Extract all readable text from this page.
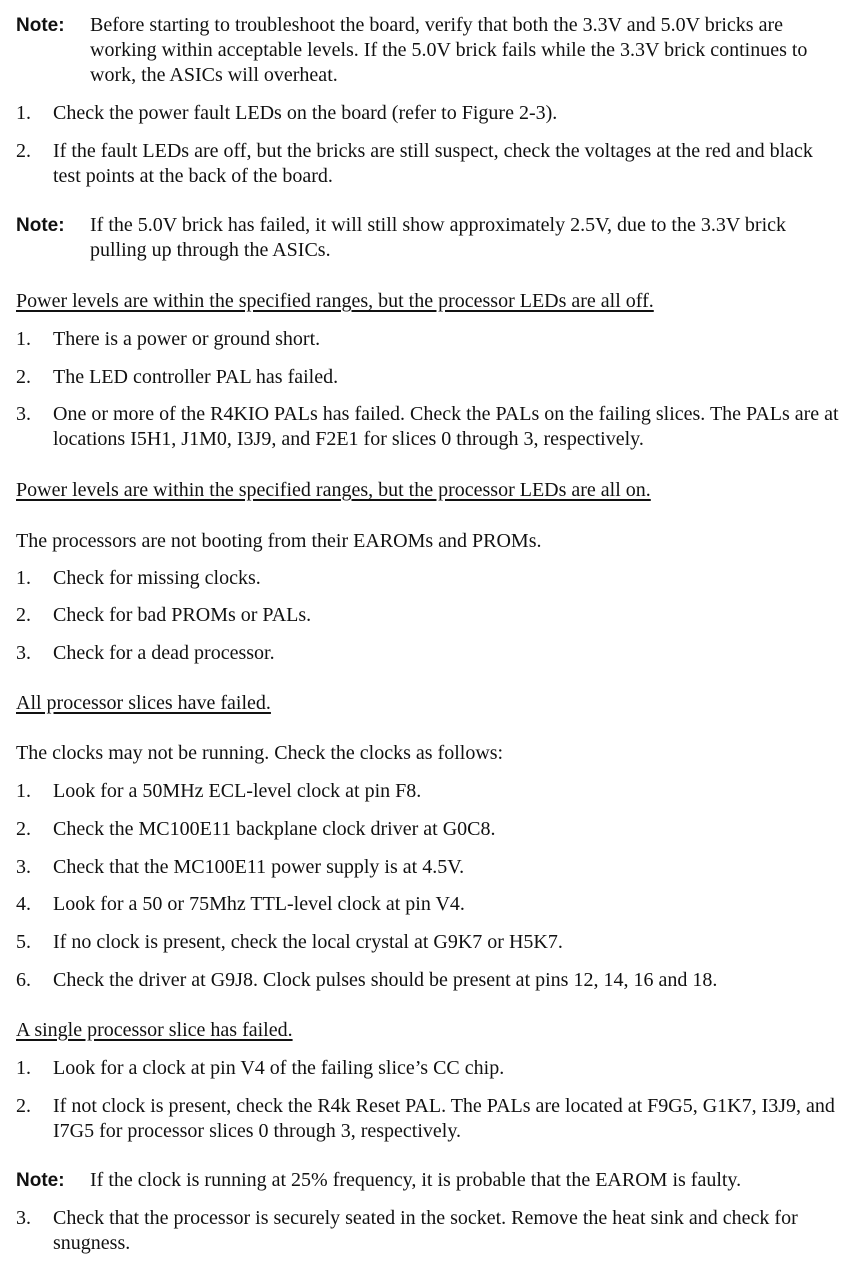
Note: Before starting to troubleshoot the board, verify that both the 3.3V and 5.0V bricks are working within acceptable levels. If the 5.0V brick fails while the 3.3V brick continues to work, the ASICs will overheat.
1. Check the power fault LEDs on the board (refer to Figure 2-3).
2. If the fault LEDs are off, but the bricks are still suspect, check the voltages at the red and black test points at the back of the board.
Note: If the 5.0V brick has failed, it will still show approximately 2.5V, due to the 3.3V brick pulling up through the ASICs.
Power levels are within the specified ranges, but the processor LEDs are all off.
1. There is a power or ground short.
2. The LED controller PAL has failed.
3. One or more of the R4KIO PALs has failed. Check the PALs on the failing slices. The PALs are at locations I5H1, J1M0, I3J9, and F2E1 for slices 0 through 3, respectively.
Power levels are within the specified ranges, but the processor LEDs are all on.
The processors are not booting from their EAROMs and PROMs.
1. Check for missing clocks.
2. Check for bad PROMs or PALs.
3. Check for a dead processor.
All processor slices have failed.
The clocks may not be running. Check the clocks as follows:
1. Look for a 50MHz ECL-level clock at pin F8.
2. Check the MC100E11 backplane clock driver at G0C8.
3. Check that the MC100E11 power supply is at 4.5V.
4. Look for a 50 or 75Mhz TTL-level clock at pin V4.
5. If no clock is present, check the local crystal at G9K7 or H5K7.
6. Check the driver at G9J8. Clock pulses should be present at pins 12, 14, 16 and 18.
A single processor slice has failed.
1. Look for a clock at pin V4 of the failing slice’s CC chip.
2. If not clock is present, check the R4k Reset PAL. The PALs are located at F9G5, G1K7, I3J9, and I7G5 for processor slices 0 through 3, respectively.
Note: If the clock is running at 25% frequency, it is probable that the EAROM is faulty.
3. Check that the processor is securely seated in the socket. Remove the heat sink and check for snugness.
